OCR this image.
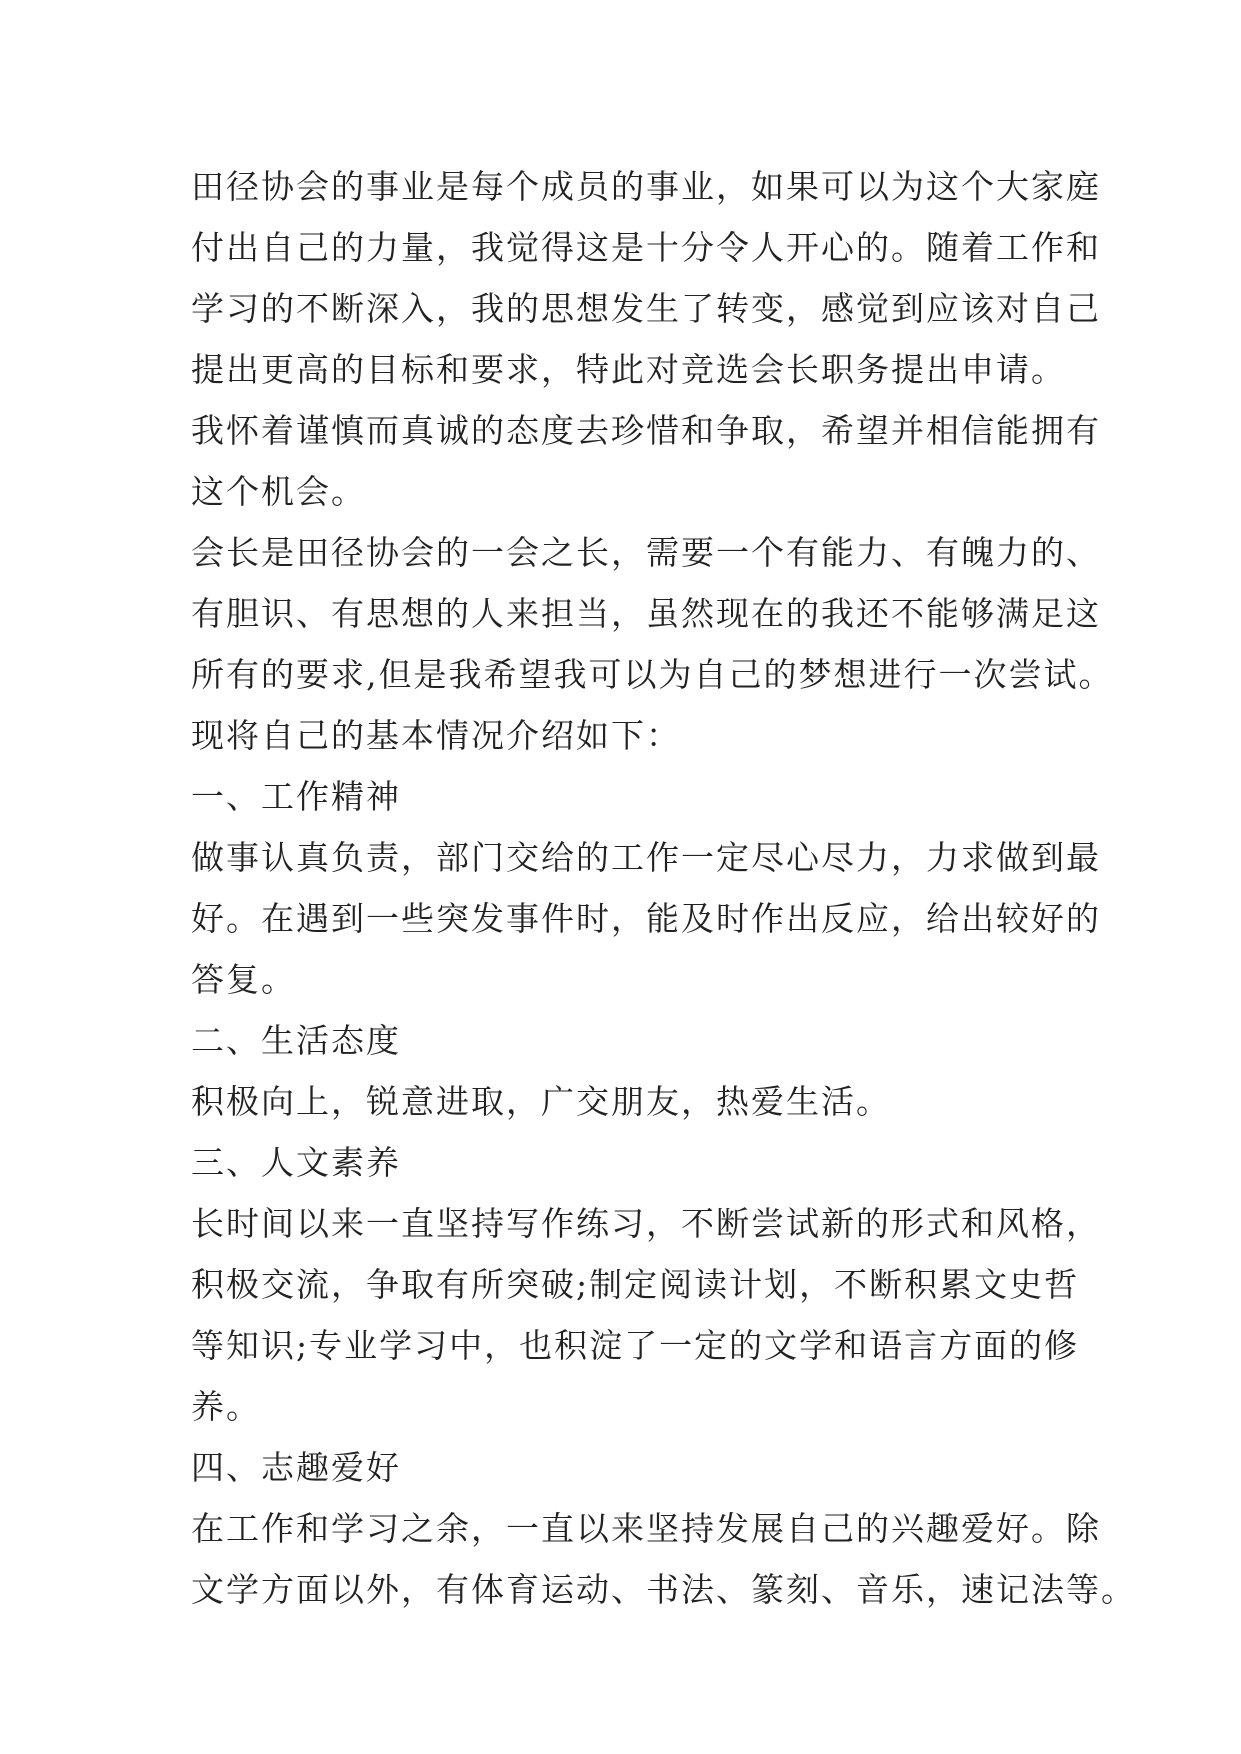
田径协会的事业是每个成员的事业，如果可以为这个大家庭
付出自己的力量，我觉得这是十分令人开心的。随着工作和
学习的不断深入，我的思想发生了转变，感觉到应该对自己
提出更高的目标和要求，特此对竞选会长职务提出申请。
我怀着谨慎而真诚的态度去珍惜和争取，希望并相信能拥有
这个机会。
会长是田径协会的一会之长，需要一个有能力、有魄力的、
有胆识、有思想的人来担当，虽然现在的我还不能够满足这
所有的要求,但是我希望我可以为自己的梦想进行一次尝试。
现将自己的基本情况介绍如下：
一、工作精神
做事认真负责，部门交给的工作一定尽心尽力，力求做到最
好。在遇到一些突发事件时，能及时作出反应，给出较好的
答复。
二、生活态度
积极向上，锐意进取，广交朋友，热爱生活。
三、人文素养
长时间以来一直坚持写作练习，不断尝试新的形式和风格，
积极交流，争取有所突破;制定阅读计划，不断积累文史哲
等知识;专业学习中，也积淀了一定的文学和语言方面的修
养。
四、志趣爱好
在工作和学习之余，一直以来坚持发展自己的兴趣爱好。除
文学方面以外，有体育运动、书法、篆刻、音乐，速记法等。
